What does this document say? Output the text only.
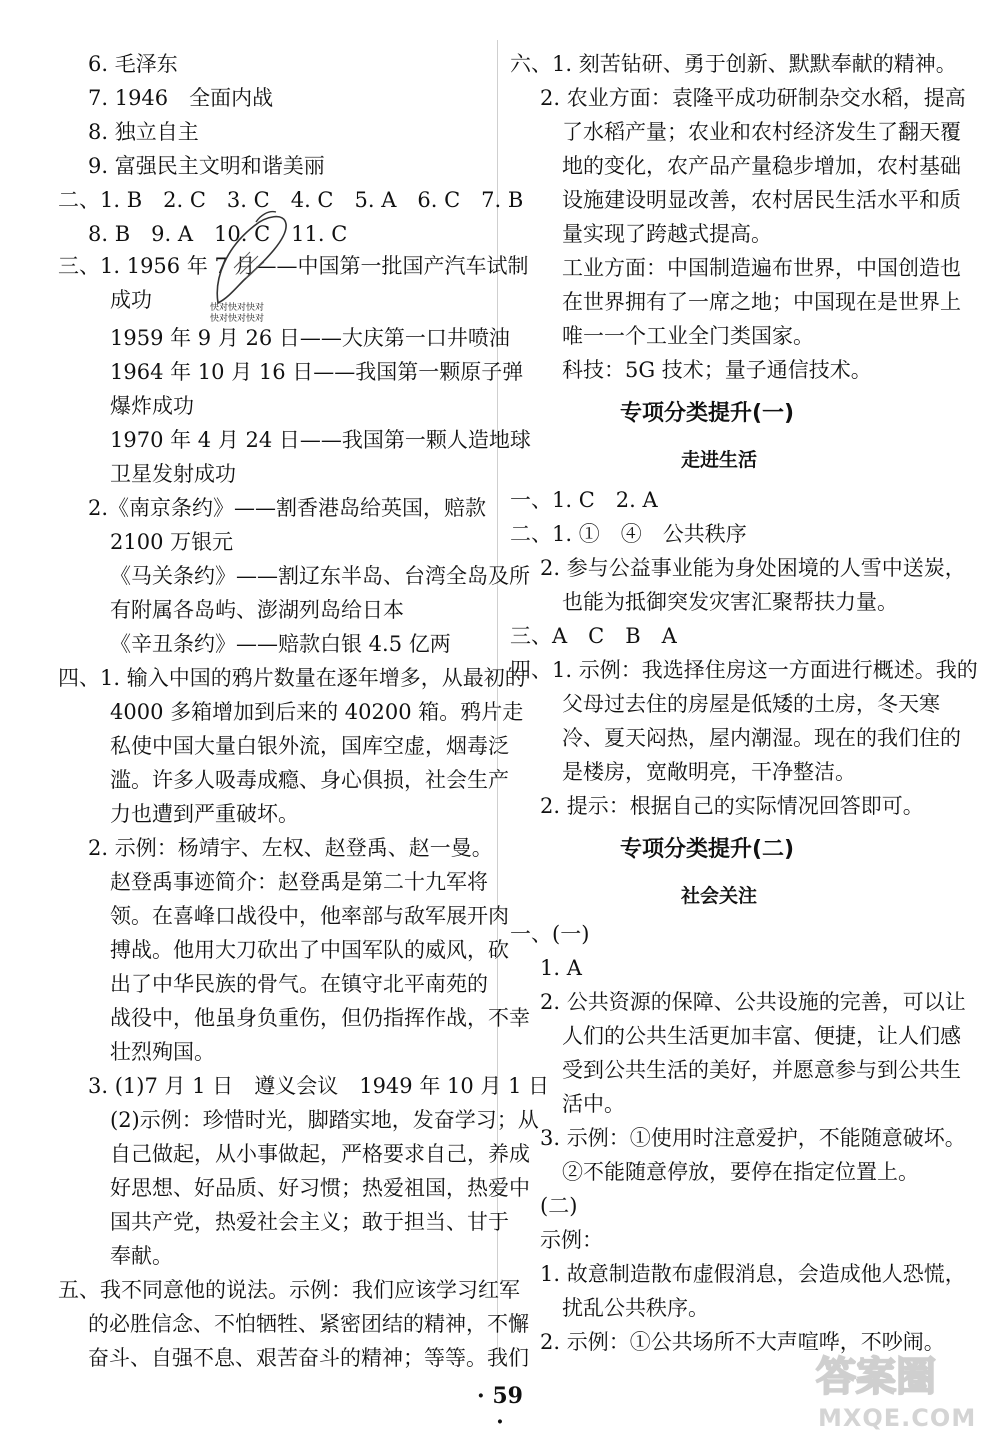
6. 毛泽东
7. 1946　全面内战
8. 独立自主
9. 富强民主文明和谐美丽
二、1. B　2. C　3. C　4. C　5. A　6. C　7. B
8. B　9. A　10. C　11. C
三、1. 1956 年 7 月——中国第一批国产汽车试制
成功
1959 年 9 月 26 日——大庆第一口井喷油
1964 年 10 月 16 日——我国第一颗原子弹
爆炸成功
1970 年 4 月 24 日——我国第一颗人造地球
卫星发射成功
2.《南京条约》——割香港岛给英国，赔款
2100 万银元
《马关条约》——割辽东半岛、台湾全岛及所
有附属各岛屿、澎湖列岛给日本
《辛丑条约》——赔款白银 4.5 亿两
四、1. 输入中国的鸦片数量在逐年增多，从最初的
4000 多箱增加到后来的 40200 箱。鸦片走
私使中国大量白银外流，国库空虚，烟毒泛
滥。许多人吸毒成瘾、身心俱损，社会生产
力也遭到严重破坏。
2. 示例：杨靖宇、左权、赵登禹、赵一曼。
赵登禹事迹简介：赵登禹是第二十九军将
领。在喜峰口战役中，他率部与敌军展开肉
搏战。他用大刀砍出了中国军队的威风，砍
出了中华民族的骨气。在镇守北平南苑的
战役中，他虽身负重伤，但仍指挥作战，不幸
壮烈殉国。
3. (1)7 月 1 日　遵义会议　1949 年 10 月 1 日
(2)示例：珍惜时光，脚踏实地，发奋学习；从
自己做起，从小事做起，严格要求自己，养成
好思想、好品质、好习惯；热爱祖国，热爱中
国共产党，热爱社会主义；敢于担当、甘于
奉献。
五、我不同意他的说法。示例：我们应该学习红军
的必胜信念、不怕牺牲、紧密团结的精神，不懈
奋斗、自强不息、艰苦奋斗的精神；等等。我们
六、1. 刻苦钻研、勇于创新、默默奉献的精神。
2. 农业方面：袁隆平成功研制杂交水稻，提高
了水稻产量；农业和农村经济发生了翻天覆
地的变化，农产品产量稳步增加，农村基础
设施建设明显改善，农村居民生活水平和质
量实现了跨越式提高。
工业方面：中国制造遍布世界，中国创造也
在世界拥有了一席之地；中国现在是世界上
唯一一个工业全门类国家。
科技：5G 技术；量子通信技术。
专项分类提升(一)
走进生活
一、1. C　2. A
二、1. ①　④　公共秩序
2. 参与公益事业能为身处困境的人雪中送炭，
也能为抵御突发灾害汇聚帮扶力量。
三、A　C　B　A
四、1. 示例：我选择住房这一方面进行概述。我的
父母过去住的房屋是低矮的土房，冬天寒
冷、夏天闷热，屋内潮湿。现在的我们住的
是楼房，宽敞明亮，干净整洁。
2. 提示：根据自己的实际情况回答即可。
专项分类提升(二)
社会关注
一、(一)
1. A
2. 公共资源的保障、公共设施的完善，可以让
人们的公共生活更加丰富、便捷，让人们感
受到公共生活的美好，并愿意参与到公共生
活中。
3. 示例：①使用时注意爱护，不能随意破坏。
②不能随意停放，要停在指定位置上。
(二)
示例：
1. 故意制造散布虚假消息，会造成他人恐慌，
扰乱公共秩序。
2. 示例：①公共场所不大声喧哗，不吵闹。
快对快对快对
快对快对快对
· 59 ·
答案圈
MXQE.COM
